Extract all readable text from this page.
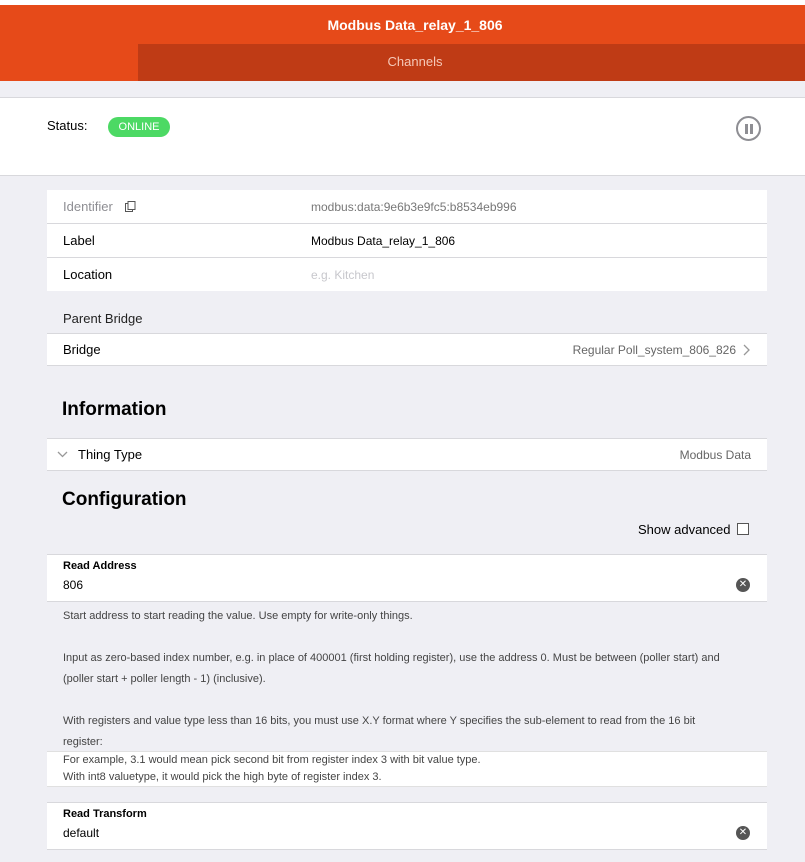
Modbus Data_relay_1_806
Channels
Status:	ONLINE
Identifier	modbus:data:9e6b3e9fc5:b8534eb996
Label	Modbus Data_relay_1_806
Location	e.g. Kitchen
Parent Bridge
Bridge	Regular Poll_system_806_826
Information
Thing Type	Modbus Data
Configuration
Show advanced
Read Address
806	✕
Start address to start reading the value. Use empty for write-only things.
Input as zero-based index number, e.g. in place of 400001 (first holding register), use the address 0. Must be between (poller start) and
(poller start + poller length - 1) (inclusive).
With registers and value type less than 16 bits, you must use X.Y format where Y specifies the sub-element to read from the 16 bit
register:
For example, 3.1 would mean pick second bit from register index 3 with bit value type.
With int8 valuetype, it would pick the high byte of register index 3.
Read Transform
default	✕
